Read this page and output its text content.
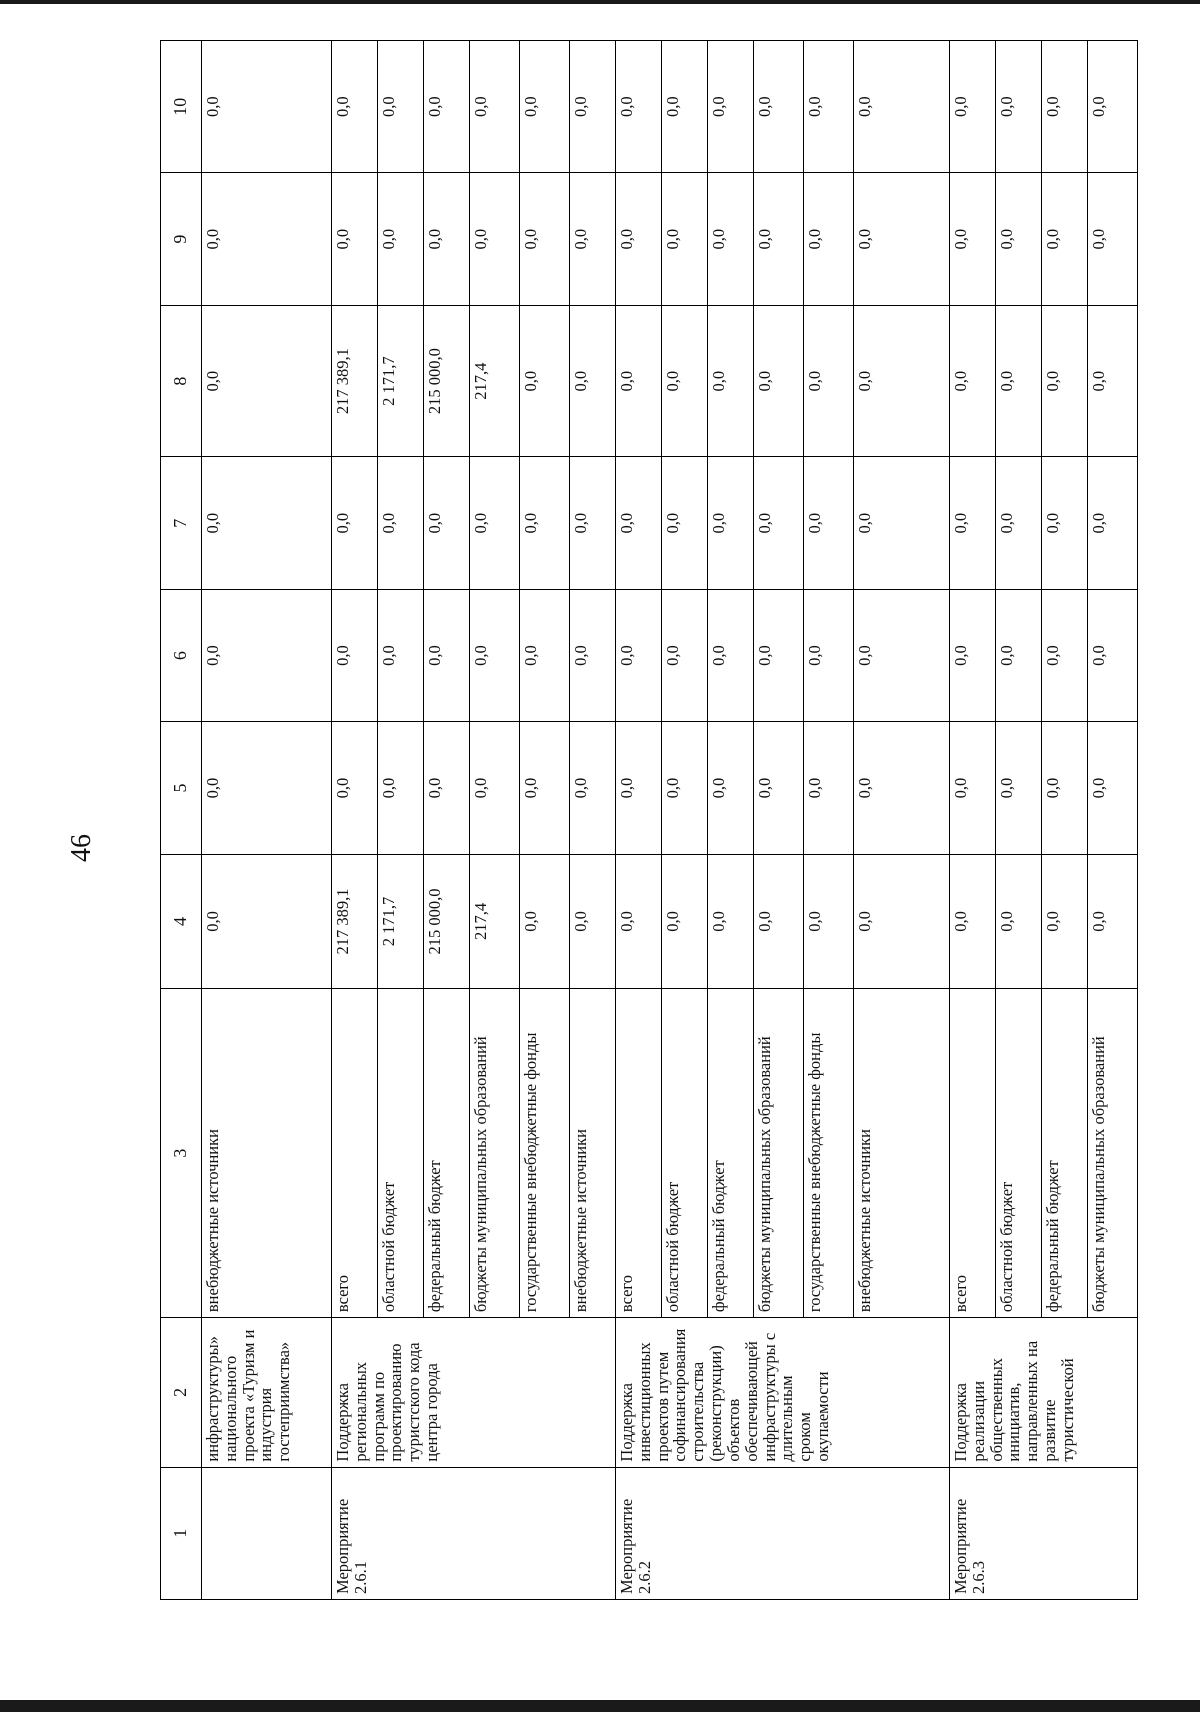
46

1	2	3	4	5	6	7	8	9	10
	инфраструктуры» национального проекта «Туризм и индустрия гостеприимства»	внебюджетные источники	0,0	0,0	0,0	0,0	0,0	0,0	0,0
Мероприятие 2.6.1	Поддержка региональных программ по проектированию туристского кода центра города	всего	217 389,1	0,0	0,0	0,0	217 389,1	0,0	0,0
		областной бюджет	2 171,7	0,0	0,0	0,0	2 171,7	0,0	0,0
		федеральный бюджет	215 000,0	0,0	0,0	0,0	215 000,0	0,0	0,0
		бюджеты муниципальных образований	217,4	0,0	0,0	0,0	217,4	0,0	0,0
		государственные внебюджетные фонды	0,0	0,0	0,0	0,0	0,0	0,0	0,0
		внебюджетные источники	0,0	0,0	0,0	0,0	0,0	0,0	0,0
Мероприятие 2.6.2	Поддержка инвестиционных проектов путем софинансирования строительства (реконструкции) объектов обеспечивающей инфраструктуры с длительным сроком окупаемости	всего	0,0	0,0	0,0	0,0	0,0	0,0	0,0
		областной бюджет	0,0	0,0	0,0	0,0	0,0	0,0	0,0
		федеральный бюджет	0,0	0,0	0,0	0,0	0,0	0,0	0,0
		бюджеты муниципальных образований	0,0	0,0	0,0	0,0	0,0	0,0	0,0
		государственные внебюджетные фонды	0,0	0,0	0,0	0,0	0,0	0,0	0,0
		внебюджетные источники	0,0	0,0	0,0	0,0	0,0	0,0	0,0
Мероприятие 2.6.3	Поддержка реализации общественных инициатив, направленных на развитие туристической	всего	0,0	0,0	0,0	0,0	0,0	0,0	0,0
		областной бюджет	0,0	0,0	0,0	0,0	0,0	0,0	0,0
		федеральный бюджет	0,0	0,0	0,0	0,0	0,0	0,0	0,0
		бюджеты муниципальных образований	0,0	0,0	0,0	0,0	0,0	0,0	0,0
